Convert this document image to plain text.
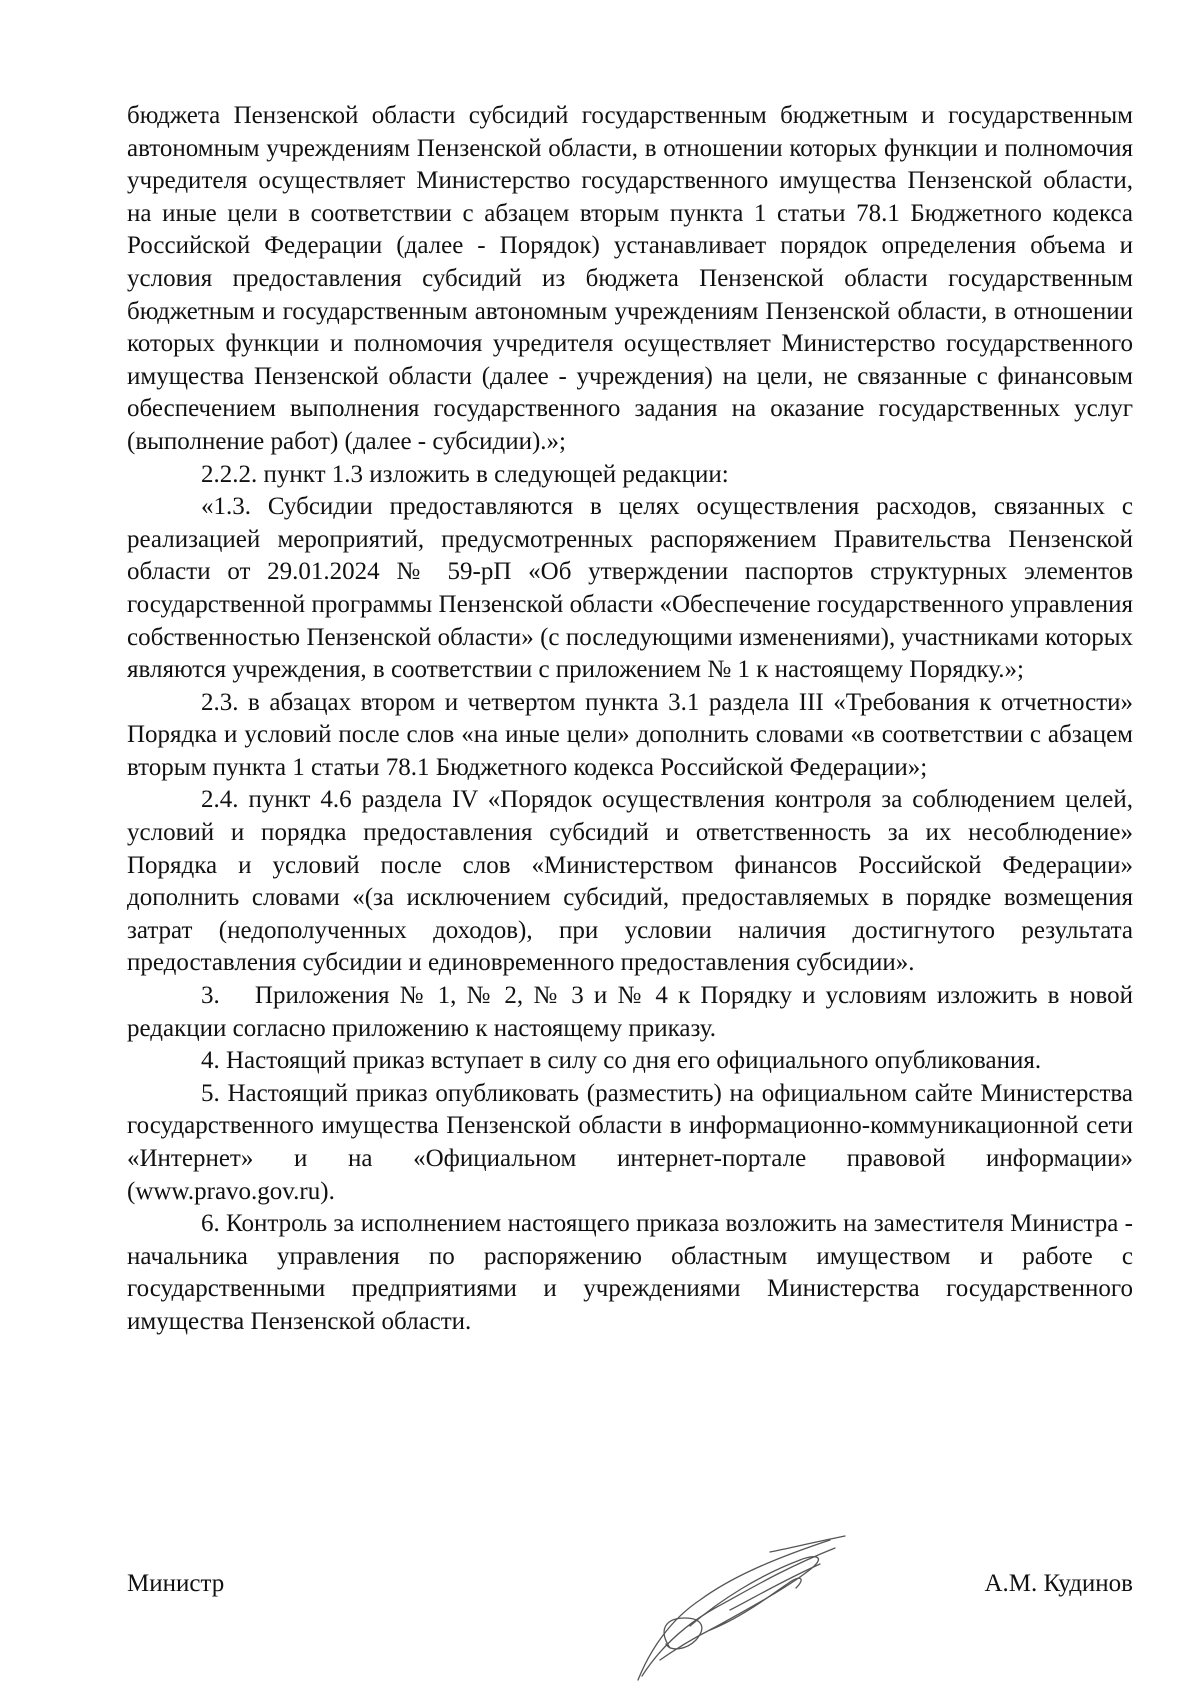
бюджета Пензенской области субсидий государственным бюджетным и государственным автономным учреждениям Пензенской области, в отношении которых функции и полномочия учредителя осуществляет Министерство государственного имущества Пензенской области, на иные цели в соответствии с абзацем вторым пункта 1 статьи 78.1 Бюджетного кодекса Российской Федерации (далее - Порядок) устанавливает порядок определения объема и условия предоставления субсидий из бюджета Пензенской области государственным бюджетным и государственным автономным учреждениям Пензенской области, в отношении которых функции и полномочия учредителя осуществляет Министерство государственного имущества Пензенской области (далее - учреждения) на цели, не связанные с финансовым обеспечением выполнения государственного задания на оказание государственных услуг (выполнение работ) (далее - субсидии).»;

2.2.2. пункт 1.3 изложить в следующей редакции:

«1.3. Субсидии предоставляются в целях осуществления расходов, связанных с реализацией мероприятий, предусмотренных распоряжением Правительства Пензенской области от 29.01.2024 № 59-рП «Об утверждении паспортов структурных элементов государственной программы Пензенской области «Обеспечение государственного управления собственностью Пензенской области» (с последующими изменениями), участниками которых являются учреждения, в соответствии с приложением № 1 к настоящему Порядку.»;

2.3. в абзацах втором и четвертом пункта 3.1 раздела III «Требования к отчетности» Порядка и условий после слов «на иные цели» дополнить словами «в соответствии с абзацем вторым пункта 1 статьи 78.1 Бюджетного кодекса Российской Федерации»;

2.4. пункт 4.6 раздела IV «Порядок осуществления контроля за соблюдением целей, условий и порядка предоставления субсидий и ответственность за их несоблюдение» Порядка и условий после слов «Министерством финансов Российской Федерации» дополнить словами «(за исключением субсидий, предоставляемых в порядке возмещения затрат (недополученных доходов), при условии наличия достигнутого результата предоставления субсидии и единовременного предоставления субсидии».

3.  Приложения № 1, № 2, № 3 и № 4 к Порядку и условиям изложить в новой редакции согласно приложению к настоящему приказу.

4. Настоящий приказ вступает в силу со дня его официального опубликования.

5. Настоящий приказ опубликовать (разместить) на официальном сайте Министерства государственного имущества Пензенской области в информационно-коммуникационной сети «Интернет» и на «Официальном интернет-портале правовой информации» (www.pravo.gov.ru).

6. Контроль за исполнением настоящего приказа возложить на заместителя Министра - начальника управления по распоряжению областным имуществом и работе с государственными предприятиями и учреждениями Министерства государственного имущества Пензенской области.

Министр	А.М. Кудинов
